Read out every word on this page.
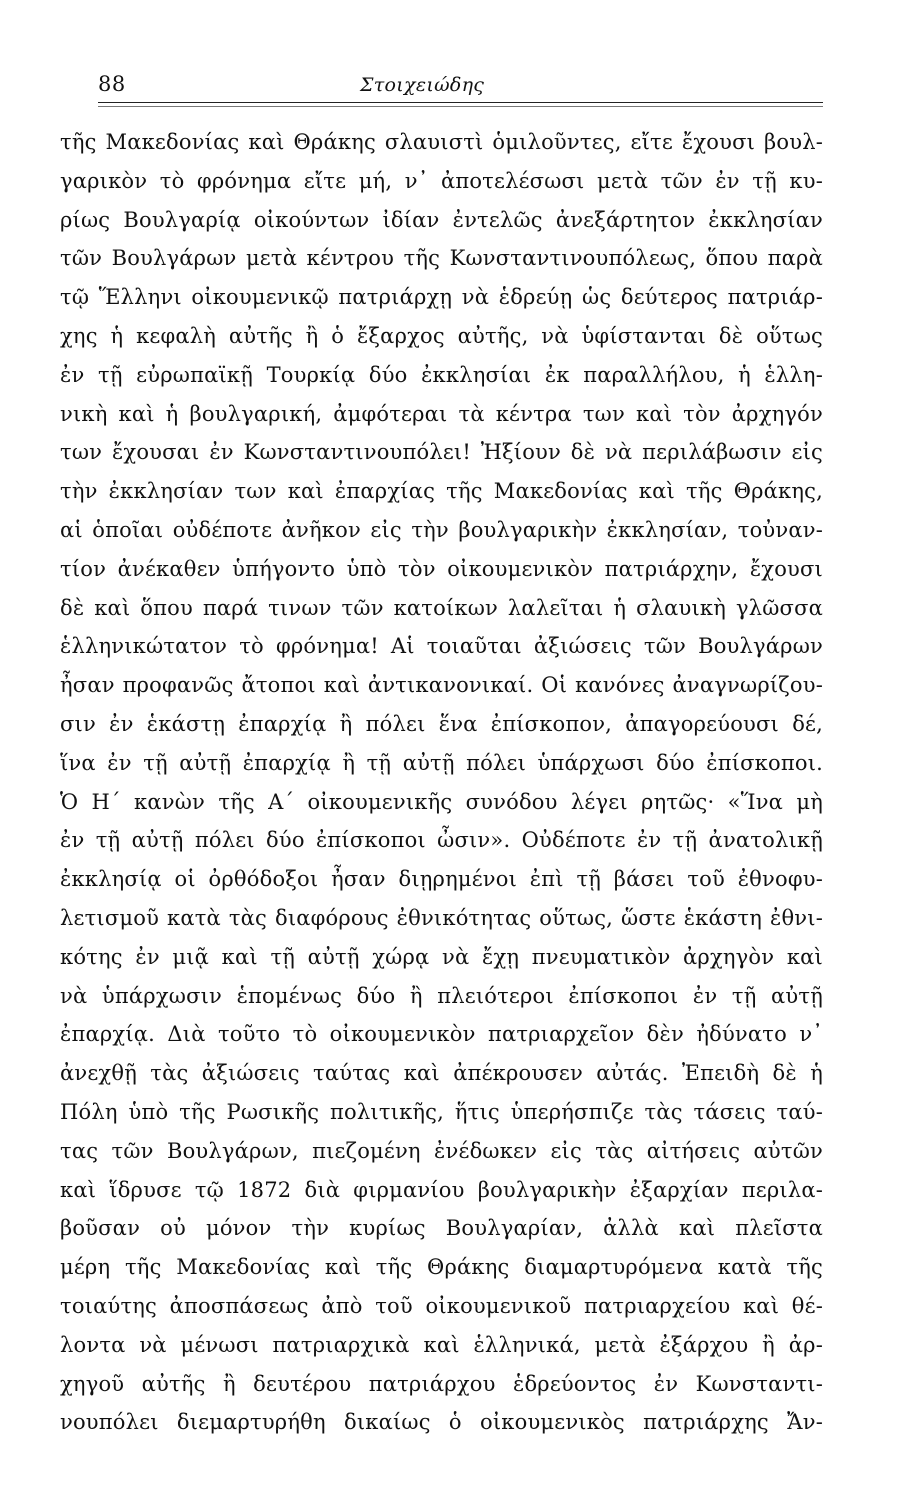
88	Στοιχειώδης
τῆς Μακεδονίας καὶ Θράκης σλαυιστὶ ὁμιλοῦντες, εἴτε ἔχουσι βουλ-
γαρικὸν τὸ φρόνημα εἴτε μή, ν᾽ ἀποτελέσωσι μετὰ τῶν ἐν τῇ κυ-
ρίως Βουλγαρίᾳ οἰκούντων ἰδίαν ἐντελῶς ἀνεξάρτητον ἐκκλησίαν
τῶν Βουλγάρων μετὰ κέντρου τῆς Κωνσταντινουπόλεως, ὅπου παρὰ
τῷ Ἕλληνι οἰκουμενικῷ πατριάρχῃ νὰ ἑδρεύῃ ὡς δεύτερος πατριάρ-
χης ἡ κεφαλὴ αὐτῆς ἢ ὁ ἔξαρχος αὐτῆς, νὰ ὑφίστανται δὲ οὕτως
ἐν τῇ εὐρωπαϊκῇ Τουρκίᾳ δύο ἐκκλησίαι ἐκ παραλλήλου, ἡ ἑλλη-
νικὴ καὶ ἡ βουλγαρική, ἀμφότεραι τὰ κέντρα των καὶ τὸν ἀρχηγόν
των ἔχουσαι ἐν Κωνσταντινουπόλει! Ἠξίουν δὲ νὰ περιλάβωσιν εἰς
τὴν ἐκκλησίαν των καὶ ἐπαρχίας τῆς Μακεδονίας καὶ τῆς Θράκης,
αἱ ὁποῖαι οὐδέποτε ἀνῆκον εἰς τὴν βουλγαρικὴν ἐκκλησίαν, τοὐναν-
τίον ἀνέκαθεν ὑπήγοντο ὑπὸ τὸν οἰκουμενικὸν πατριάρχην, ἔχουσι
δὲ καὶ ὅπου παρά τινων τῶν κατοίκων λαλεῖται ἡ σλαυικὴ γλῶσσα
ἑλληνικώτατον τὸ φρόνημα! Αἱ τοιαῦται ἀξιώσεις τῶν Βουλγάρων
ἦσαν προφανῶς ἄτοποι καὶ ἀντικανονικαί. Οἱ κανόνες ἀναγνωρίζου-
σιν ἐν ἑκάστῃ ἐπαρχίᾳ ἢ πόλει ἕνα ἐπίσκοπον, ἀπαγορεύουσι δέ,
ἵνα ἐν τῇ αὐτῇ ἐπαρχίᾳ ἢ τῇ αὐτῇ πόλει ὑπάρχωσι δύο ἐπίσκοποι.
Ὁ Η´ κανὼν τῆς Α´ οἰκουμενικῆς συνόδου λέγει ρητῶς· «Ἵνα μὴ
ἐν τῇ αὐτῇ πόλει δύο ἐπίσκοποι ὦσιν». Οὐδέποτε ἐν τῇ ἀνατολικῇ
ἐκκλησίᾳ οἱ ὀρθόδοξοι ἦσαν διῃρημένοι ἐπὶ τῇ βάσει τοῦ ἐθνοφυ-
λετισμοῦ κατὰ τὰς διαφόρους ἐθνικότητας οὕτως, ὥστε ἑκάστη ἐθνι-
κότης ἐν μιᾷ καὶ τῇ αὐτῇ χώρᾳ νὰ ἔχῃ πνευματικὸν ἀρχηγὸν καὶ
νὰ ὑπάρχωσιν ἑπομένως δύο ἢ πλειότεροι ἐπίσκοποι ἐν τῇ αὐτῇ
ἐπαρχίᾳ. Διὰ τοῦτο τὸ οἰκουμενικὸν πατριαρχεῖον δὲν ἠδύνατο ν᾽
ἀνεχθῇ τὰς ἀξιώσεις ταύτας καὶ ἀπέκρουσεν αὐτάς. Ἐπειδὴ δὲ ἡ
Πόλη ὑπὸ τῆς Ρωσικῆς πολιτικῆς, ἥτις ὑπερήσπιζε τὰς τάσεις ταύ-
τας τῶν Βουλγάρων, πιεζομένη ἐνέδωκεν εἰς τὰς αἰτήσεις αὐτῶν
καὶ ἵδρυσε τῷ 1872 διὰ φιρμανίου βουλγαρικὴν ἐξαρχίαν περιλα-
βοῦσαν οὐ μόνον τὴν κυρίως Βουλγαρίαν, ἀλλὰ καὶ πλεῖστα
μέρη τῆς Μακεδονίας καὶ τῆς Θράκης διαμαρτυρόμενα κατὰ τῆς
τοιαύτης ἀποσπάσεως ἀπὸ τοῦ οἰκουμενικοῦ πατριαρχείου καὶ θέ-
λοντα νὰ μένωσι πατριαρχικὰ καὶ ἑλληνικά, μετὰ ἐξάρχου ἢ ἀρ-
χηγοῦ αὐτῆς ἢ δευτέρου πατριάρχου ἑδρεύοντος ἐν Κωνσταντι-
νουπόλει διεμαρτυρήθη δικαίως ὁ οἰκουμενικὸς πατριάρχης Ἄν-
